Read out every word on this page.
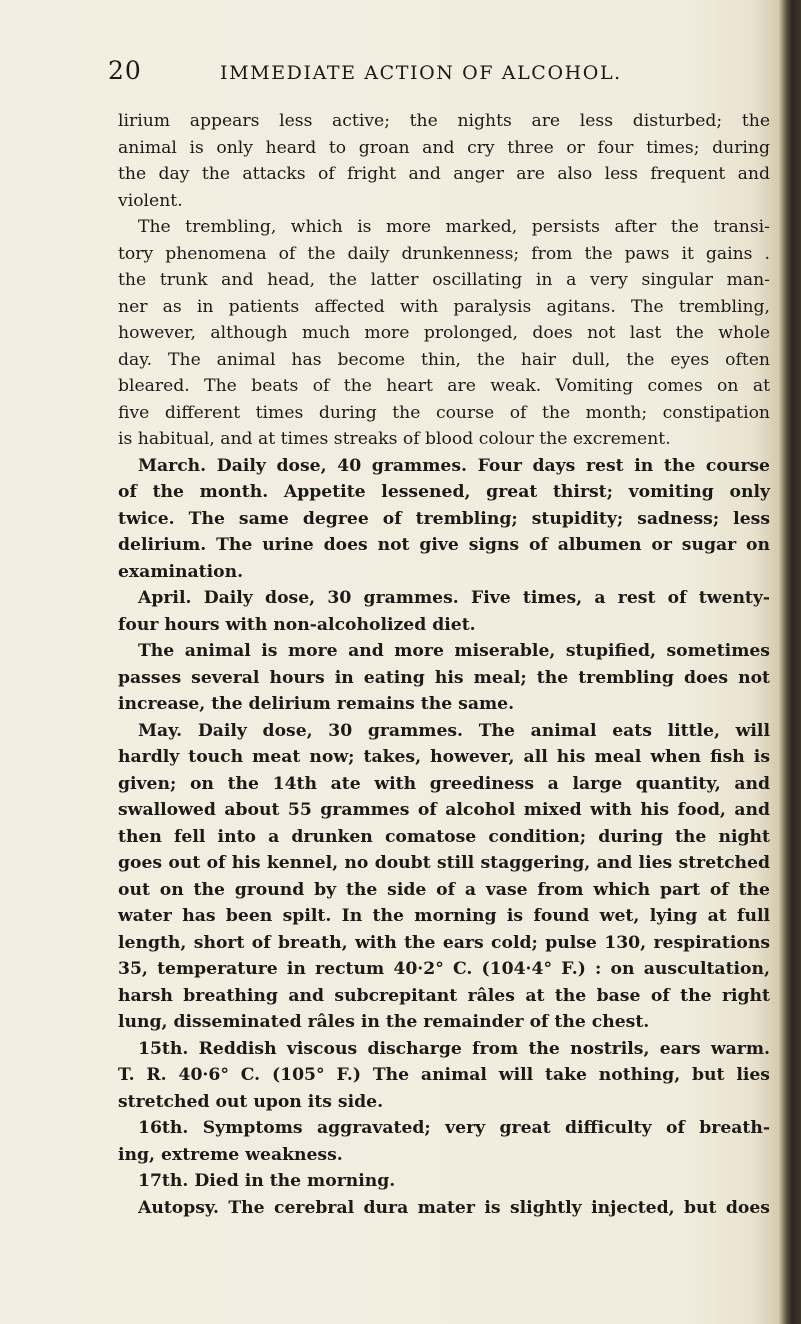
20	IMMEDIATE ACTION OF ALCOHOL.
lirium appears less active; the nights are less disturbed; the
animal is only heard to groan and cry three or four times; during
the day the attacks of fright and anger are also less frequent and
violent.
The trembling, which is more marked, persists after the transi-
tory phenomena of the daily drunkenness; from the paws it gains .
the trunk and head, the latter oscillating in a very singular man-
ner as in patients affected with paralysis agitans. The trembling,
however, although much more prolonged, does not last the whole
day. The animal has become thin, the hair dull, the eyes often
bleared. The beats of the heart are weak. Vomiting comes on at
five different times during the course of the month; constipation
is habitual, and at times streaks of blood colour the excrement.
March. Daily dose, 40 grammes. Four days rest in the course
of the month. Appetite lessened, great thirst; vomiting only
twice. The same degree of trembling; stupidity; sadness; less
delirium. The urine does not give signs of albumen or sugar on
examination.
April. Daily dose, 30 grammes. Five times, a rest of twenty-
four hours with non-alcoholized diet.
The animal is more and more miserable, stupified, sometimes
passes several hours in eating his meal; the trembling does not
increase, the delirium remains the same.
May. Daily dose, 30 grammes. The animal eats little, will
hardly touch meat now; takes, however, all his meal when fish is
given; on the 14th ate with greediness a large quantity, and
swallowed about 55 grammes of alcohol mixed with his food, and
then fell into a drunken comatose condition; during the night
goes out of his kennel, no doubt still staggering, and lies stretched
out on the ground by the side of a vase from which part of the
water has been spilt. In the morning is found wet, lying at full
length, short of breath, with the ears cold; pulse 130, respirations
35, temperature in rectum 40·2° C. (104·4° F.) : on auscultation,
harsh breathing and subcrepitant râles at the base of the right
lung, disseminated râles in the remainder of the chest.
15th. Reddish viscous discharge from the nostrils, ears warm.
T. R. 40·6° C. (105° F.) The animal will take nothing, but lies
stretched out upon its side.
16th. Symptoms aggravated; very great difficulty of breath-
ing, extreme weakness.
17th. Died in the morning.
Autopsy. The cerebral dura mater is slightly injected, but does
